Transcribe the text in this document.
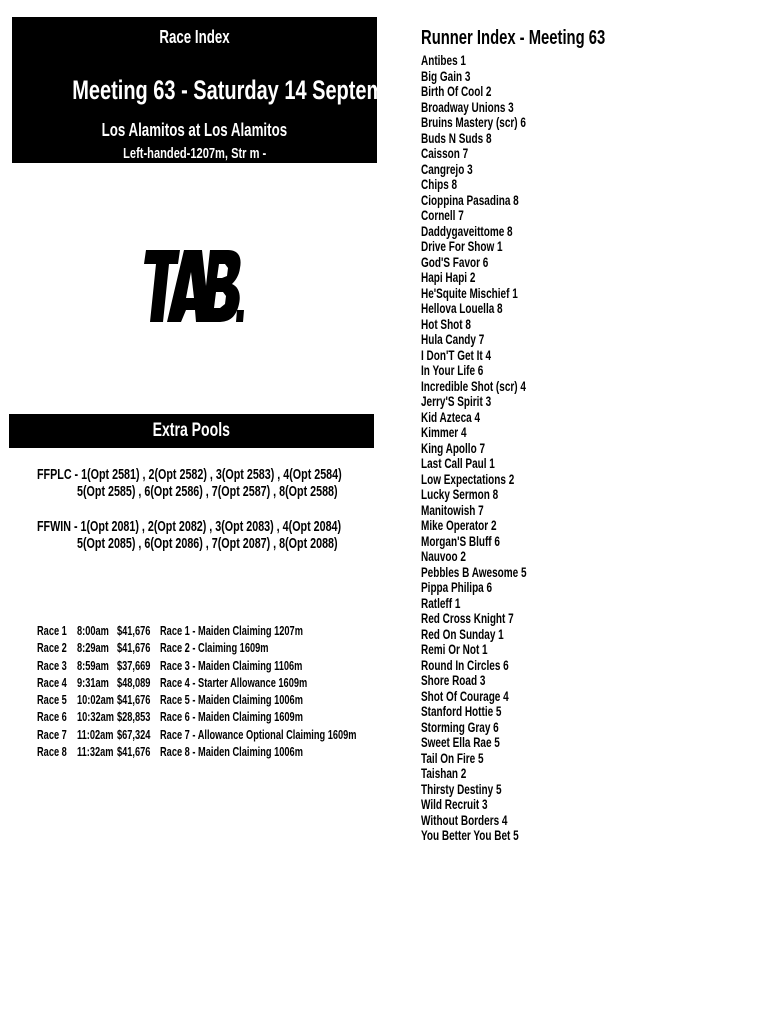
Race Index
Meeting 63 - Saturday 14 September
Los Alamitos at Los Alamitos
Left-handed-1207m, Str m -
Extra Pools
FFPLC - 1(Opt 2581) , 2(Opt 2582) , 3(Opt 2583) , 4(Opt 2584)
5(Opt 2585) , 6(Opt 2586) , 7(Opt 2587) , 8(Opt 2588)
FFWIN - 1(Opt 2081) , 2(Opt 2082) , 3(Opt 2083) , 4(Opt 2084)
5(Opt 2085) , 6(Opt 2086) , 7(Opt 2087) , 8(Opt 2088)
Race 1 8:00am $41,676 Race 1 - Maiden Claiming 1207m
Race 2 8:29am $41,676 Race 2 - Claiming 1609m
Race 3 8:59am $37,669 Race 3 - Maiden Claiming 1106m
Race 4 9:31am $48,089 Race 4 - Starter Allowance 1609m
Race 5 10:02am $41,676 Race 5 - Maiden Claiming 1006m
Race 6 10:32am $28,853 Race 6 - Maiden Claiming 1609m
Race 7 11:02am $67,324 Race 7 - Allowance Optional Claiming 1609m
Race 8 11:32am $41,676 Race 8 - Maiden Claiming 1006m
Runner Index - Meeting 63
Antibes 1
Big Gain 3
Birth Of Cool 2
Broadway Unions 3
Bruins Mastery (scr) 6
Buds N Suds 8
Caisson 7
Cangrejo 3
Chips 8
Cioppina Pasadina 8
Cornell 7
Daddygaveittome 8
Drive For Show 1
God'S Favor 6
Hapi Hapi 2
He'Squite Mischief 1
Hellova Louella 8
Hot Shot 8
Hula Candy 7
I Don'T Get It 4
In Your Life 6
Incredible Shot (scr) 4
Jerry'S Spirit 3
Kid Azteca 4
Kimmer 4
King Apollo 7
Last Call Paul 1
Low Expectations 2
Lucky Sermon 8
Manitowish 7
Mike Operator 2
Morgan'S Bluff 6
Nauvoo 2
Pebbles B Awesome 5
Pippa Philipa 6
Ratleff 1
Red Cross Knight 7
Red On Sunday 1
Remi Or Not 1
Round In Circles 6
Shore Road 3
Shot Of Courage 4
Stanford Hottie 5
Storming Gray 6
Sweet Ella Rae 5
Tail On Fire 5
Taishan 2
Thirsty Destiny 5
Wild Recruit 3
Without Borders 4
You Better You Bet 5
